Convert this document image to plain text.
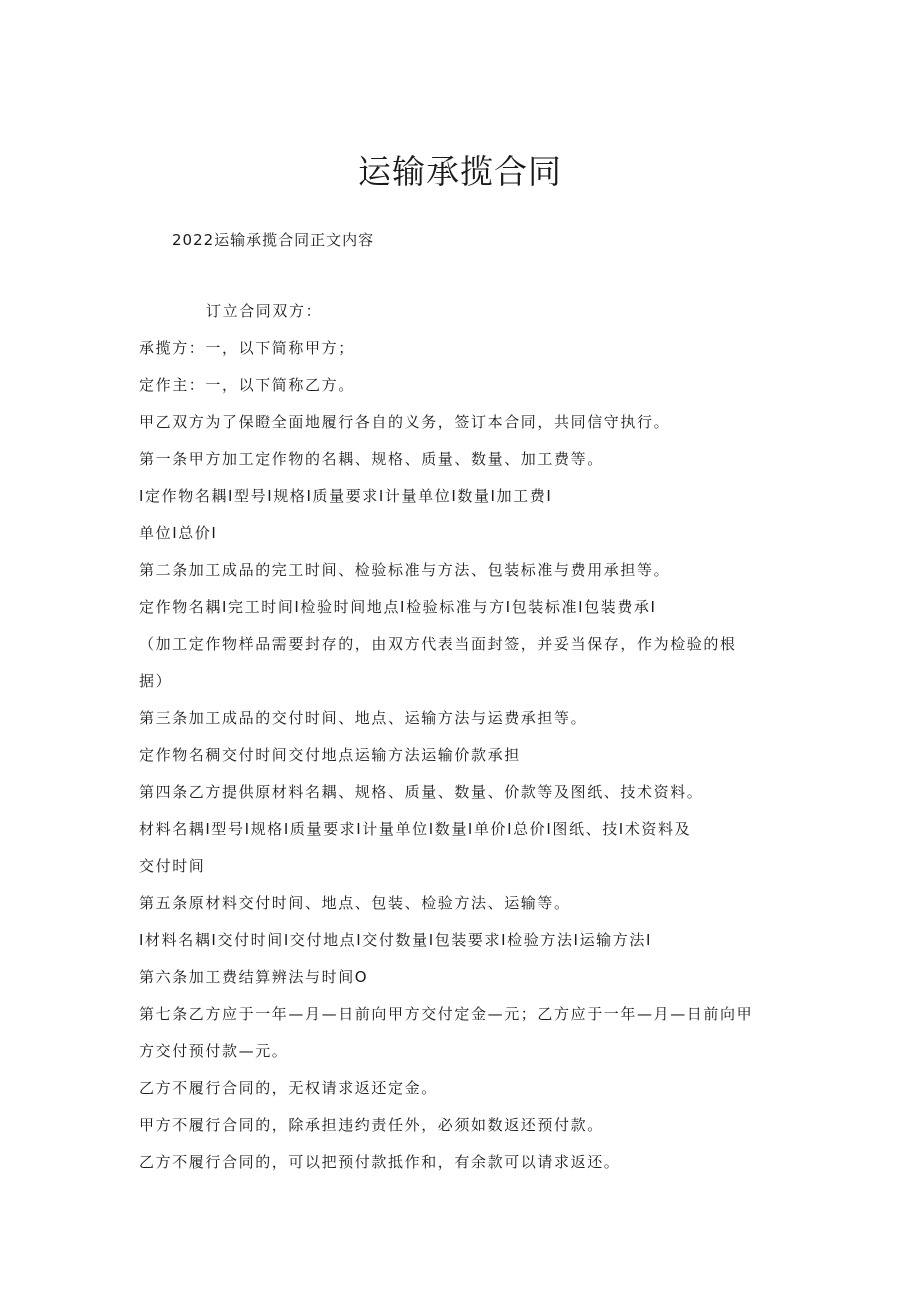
运输承揽合同

2022运输承揽合同正文内容

订立合同双方：

承揽方：一，以下简称甲方；

定作主：一，以下简称乙方。

甲乙双方为了保瞪全面地履行各自的义务，签订本合同，共同信守执行。

第一条甲方加工定作物的名耦、规格、质量、数量、加工费等。

I定作物名耦I型号I规格I质量要求I计量单位I数量I加工费I

单位I总价I

第二条加工成品的完工时间、检验标准与方法、包装标准与费用承担等。

定作物名耦I完工时间I检验时间地点I检验标准与方I包装标准I包装费承I

（加工定作物样品需要封存的，由双方代表当面封签，并妥当保存，作为检验的根

据）

第三条加工成品的交付时间、地点、运输方法与运费承担等。

定作物名稠交付时间交付地点运输方法运输价款承担

第四条乙方提供原材料名耦、规格、质量、数量、价款等及图纸、技术资料。

材料名耦I型号I规格I质量要求I计量单位I数量I单价I总价I图纸、技I术资料及

交付时间

第五条原材料交付时间、地点、包装、检验方法、运输等。

I材料名耦I交付时间I交付地点I交付数量I包装要求I检验方法I运输方法I

第六条加工费结算辨法与时间O

第七条乙方应于一年—月—日前向甲方交付定金—元；乙方应于一年—月—日前向甲

方交付预付款—元。

乙方不履行合同的，无权请求返还定金。

甲方不履行合同的，除承担违约责任外，必须如数返还预付款。

乙方不履行合同的，可以把预付款抵作和，有余款可以请求返还。
